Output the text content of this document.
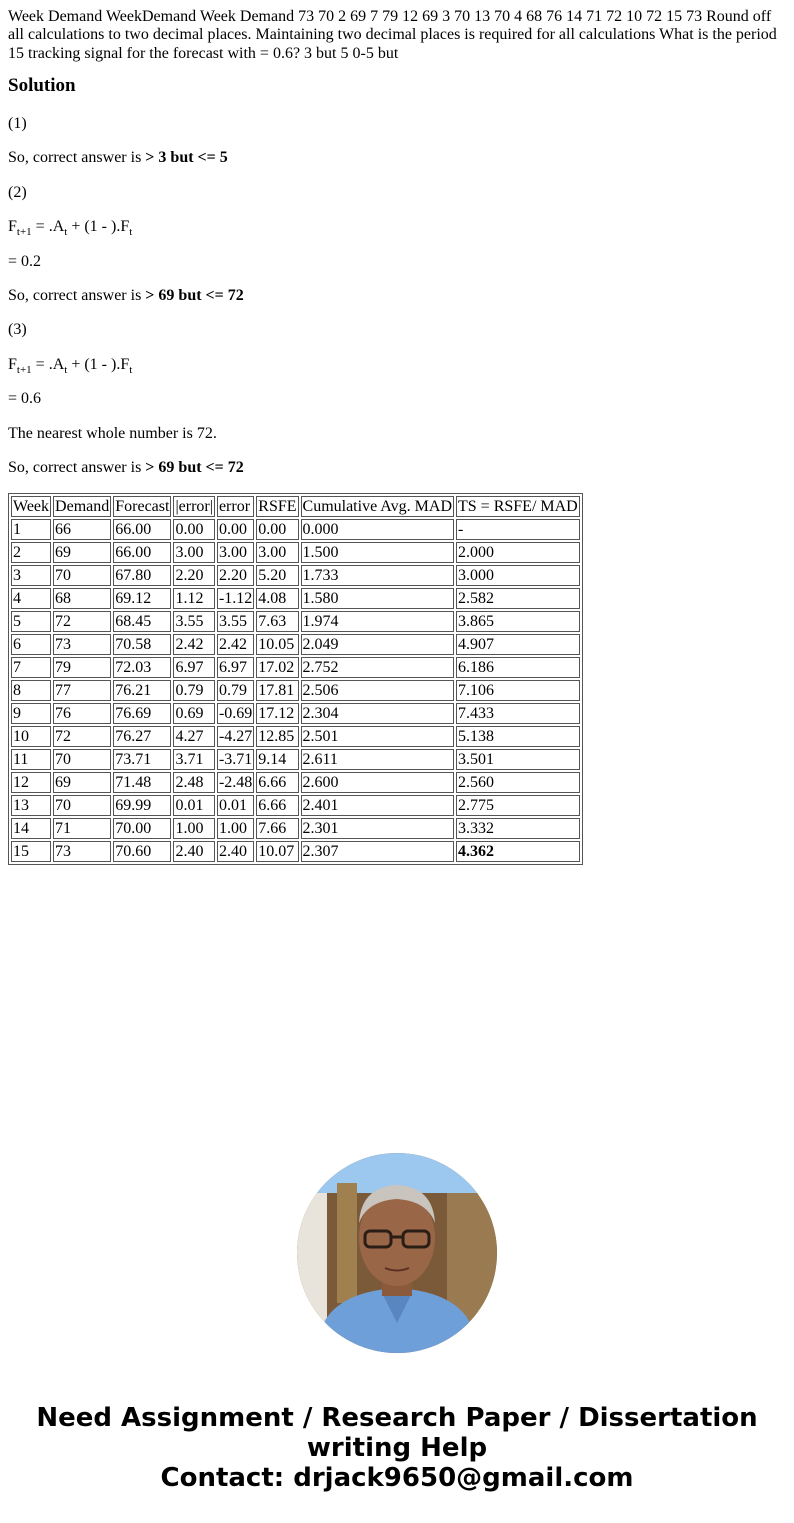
Week Demand WeekDemand Week Demand 73 70 2 69 7 79 12 69 3 70 13 70 4 68 76 14 71 72 10 72 15 73 Round off all calculations to two decimal places. Maintaining two decimal places is required for all calculations What is the period 15 tracking signal for the forecast with = 0.6? 3 but 5 0-5 but
Solution

(1)

So, correct answer is > 3 but <= 5

(2)

$F_{t+1} = .A_t + (1 - ).F_t$

= 0.2

So, correct answer is > 69 but <= 72

(3)

$F_{t+1} = .A_t + (1 - ).F_t$

= 0.6

The nearest whole number is 72.

So, correct answer is > 69 but <= 72

Week	Demand	Forecast	|error|	error	RSFE	Cumulative Avg. MAD	TS = RSFE/ MAD
1	66	66.00	0.00	0.00	0.00	0.000	-
2	69	66.00	3.00	3.00	3.00	1.500	2.000
3	70	67.80	2.20	2.20	5.20	1.733	3.000
4	68	69.12	1.12	-1.12	4.08	1.580	2.582
5	72	68.45	3.55	3.55	7.63	1.974	3.865
6	73	70.58	2.42	2.42	10.05	2.049	4.907
7	79	72.03	6.97	6.97	17.02	2.752	6.186
8	77	76.21	0.79	0.79	17.81	2.506	7.106
9	76	76.69	0.69	-0.69	17.12	2.304	7.433
10	72	76.27	4.27	-4.27	12.85	2.501	5.138
11	70	73.71	3.71	-3.71	9.14	2.611	3.501
12	69	71.48	2.48	-2.48	6.66	2.600	2.560
13	70	69.99	0.01	0.01	6.66	2.401	2.775
14	71	70.00	1.00	1.00	7.66	2.301	3.332
15	73	70.60	2.40	2.40	10.07	2.307	4.362
Need Assignment / Research Paper / Dissertation
writing Help
Contact: drjack9650@gmail.com
